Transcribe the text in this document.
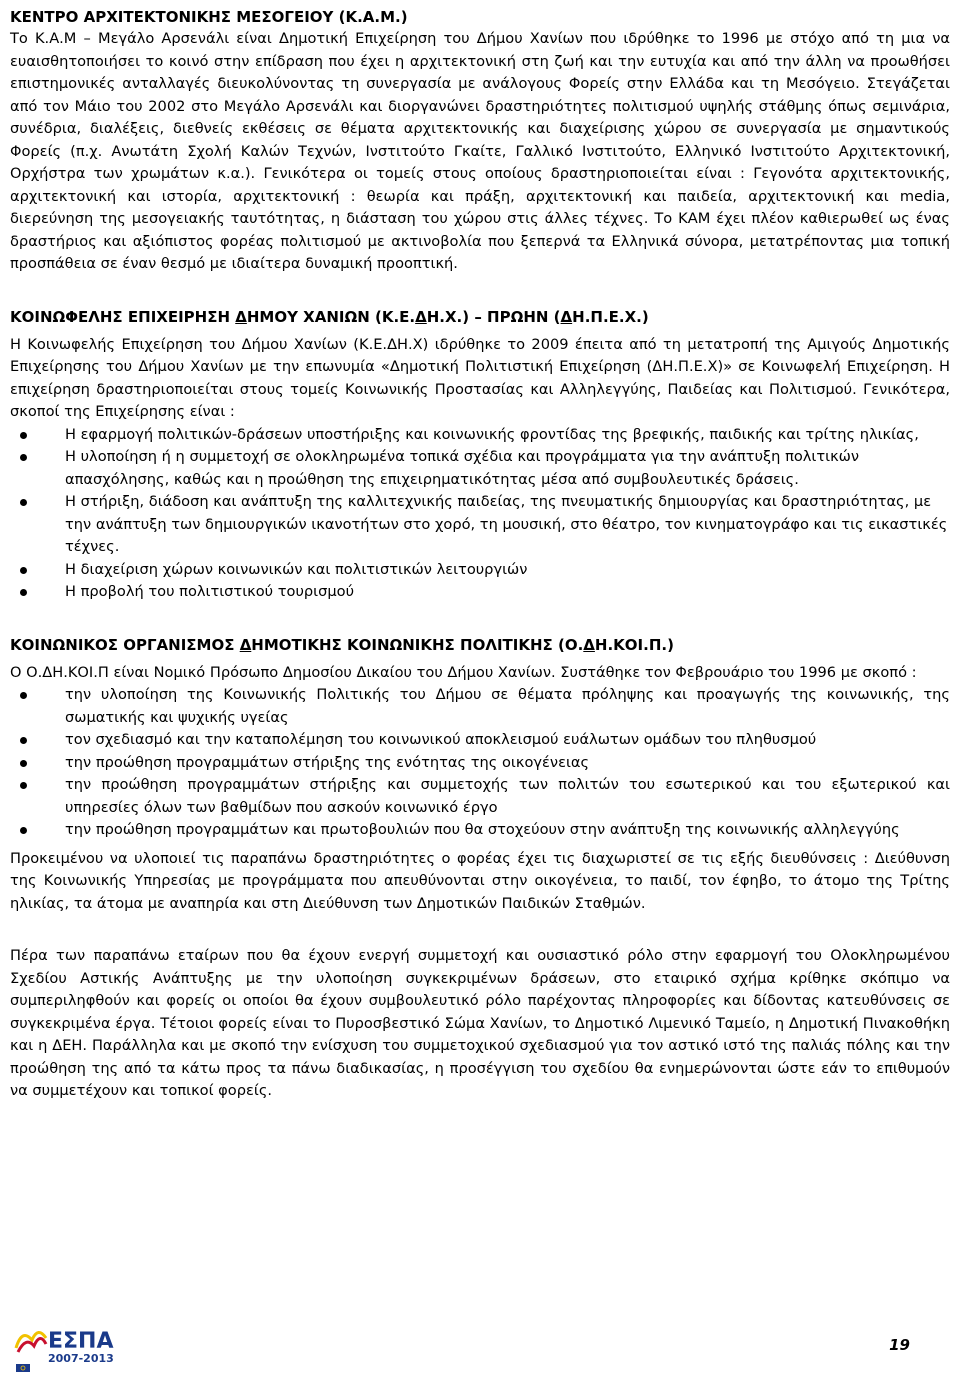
ΚΕΝΤΡΟ ΑΡΧΙΤΕΚΤΟΝΙΚΗΣ ΜΕΣΟΓΕΙΟΥ (Κ.Α.Μ.)

Το Κ.Α.Μ – Μεγάλο Αρσενάλι είναι Δημοτική Επιχείρηση του Δήμου Χανίων που ιδρύθηκε το 1996 με στόχο από τη μια να ευαισθητοποιήσει το κοινό στην επίδραση που έχει η αρχιτεκτονική στη ζωή και την ευτυχία και από την άλλη να προωθήσει επιστημονικές ανταλλαγές διευκολύνοντας τη συνεργασία με ανάλογους Φορείς στην Ελλάδα και τη Μεσόγειο. Στεγάζεται από τον Μάιο του 2002 στο Μεγάλο Αρσενάλι και διοργανώνει δραστηριότητες πολιτισμού υψηλής στάθμης όπως σεμινάρια, συνέδρια, διαλέξεις, διεθνείς εκθέσεις σε θέματα αρχιτεκτονικής και διαχείρισης χώρου σε συνεργασία με σημαντικούς Φορείς (π.χ. Ανωτάτη Σχολή Καλών Τεχνών, Ινστιτούτο Γκαίτε, Γαλλικό Ινστιτούτο, Ελληνικό Ινστιτούτο Αρχιτεκτονική, Ορχήστρα των χρωμάτων κ.α.). Γενικότερα οι τομείς στους οποίους δραστηριοποιείται είναι : Γεγονότα αρχιτεκτονικής, αρχιτεκτονική και ιστορία, αρχιτεκτονική : θεωρία και πράξη, αρχιτεκτονική και παιδεία, αρχιτεκτονική και media, διερεύνηση της μεσογειακής ταυτότητας, η διάσταση του χώρου στις άλλες τέχνες. Το ΚΑΜ έχει πλέον καθιερωθεί ως ένας δραστήριος και αξιόπιστος φορέας πολιτισμού με ακτινοβολία που ξεπερνά τα Ελληνικά σύνορα, μετατρέποντας μια τοπική προσπάθεια σε έναν θεσμό με ιδιαίτερα δυναμική προοπτική.

ΚΟΙΝΩΦΕΛΗΣ ΕΠΙΧΕΙΡΗΣΗ ΔΗΜΟΥ ΧΑΝΙΩΝ (Κ.Ε.ΔΗ.Χ.) – ΠΡΩΗΝ (ΔΗ.Π.Ε.Χ.)

Η Κοινωφελής Επιχείρηση του Δήμου Χανίων (Κ.Ε.ΔΗ.Χ) ιδρύθηκε το 2009 έπειτα από τη μετατροπή της Αμιγούς Δημοτικής Επιχείρησης του Δήμου Χανίων με την επωνυμία «Δημοτική Πολιτιστική Επιχείρηση (ΔΗ.Π.Ε.Χ)» σε Κοινωφελή Επιχείρηση. Η επιχείρηση δραστηριοποιείται στους τομείς Κοινωνικής Προστασίας και Αλληλεγγύης, Παιδείας και Πολιτισμού. Γενικότερα, σκοποί της Επιχείρησης είναι :

Η εφαρμογή πολιτικών-δράσεων υποστήριξης και κοινωνικής φροντίδας της βρεφικής, παιδικής και τρίτης ηλικίας,
Η υλοποίηση ή η συμμετοχή σε ολοκληρωμένα τοπικά σχέδια και προγράμματα για την ανάπτυξη πολιτικών απασχόλησης, καθώς και η προώθηση της επιχειρηματικότητας μέσα από συμβουλευτικές δράσεις.
Η στήριξη, διάδοση και ανάπτυξη της καλλιτεχνικής παιδείας, της πνευματικής δημιουργίας και δραστηριότητας, με την ανάπτυξη των δημιουργικών ικανοτήτων στο χορό, τη μουσική, στο θέατρο, τον κινηματογράφο και τις εικαστικές τέχνες.
Η διαχείριση χώρων κοινωνικών και πολιτιστικών λειτουργιών
Η προβολή του πολιτιστικού τουρισμού
ΚΟΙΝΩΝΙΚΟΣ ΟΡΓΑΝΙΣΜΟΣ ΔΗΜΟΤΙΚΗΣ ΚΟΙΝΩΝΙΚΗΣ ΠΟΛΙΤΙΚΗΣ (Ο.ΔΗ.ΚΟΙ.Π.)

Ο Ο.ΔΗ.ΚΟΙ.Π είναι Νομικό Πρόσωπο Δημοσίου Δικαίου του Δήμου Χανίων. Συστάθηκε τον Φεβρουάριο του 1996 με σκοπό :

την υλοποίηση της Κοινωνικής Πολιτικής του Δήμου σε θέματα πρόληψης και προαγωγής της κοινωνικής, της σωματικής και ψυχικής υγείας
τον σχεδιασμό και την καταπολέμηση του κοινωνικού αποκλεισμού ευάλωτων ομάδων του πληθυσμού
την προώθηση προγραμμάτων στήριξης της ενότητας της οικογένειας
την προώθηση προγραμμάτων στήριξης και συμμετοχής των πολιτών του εσωτερικού και του εξωτερικού και υπηρεσίες όλων των βαθμίδων που ασκούν κοινωνικό έργο
την προώθηση προγραμμάτων και πρωτοβουλιών που θα στοχεύουν στην ανάπτυξη της κοινωνικής αλληλεγγύης

Προκειμένου να υλοποιεί τις παραπάνω δραστηριότητες ο φορέας έχει τις διαχωριστεί σε τις εξής διευθύνσεις : Διεύθυνση της Κοινωνικής Υπηρεσίας με προγράμματα που απευθύνονται στην οικογένεια, το παιδί, τον έφηβο, το άτομο της Τρίτης ηλικίας, τα άτομα με αναπηρία και στη Διεύθυνση των Δημοτικών Παιδικών Σταθμών.

Πέρα των παραπάνω εταίρων που θα έχουν ενεργή συμμετοχή και ουσιαστικό ρόλο στην εφαρμογή του Ολοκληρωμένου Σχεδίου Αστικής Ανάπτυξης με την υλοποίηση συγκεκριμένων δράσεων, στο εταιρικό σχήμα κρίθηκε σκόπιμο να συμπεριληφθούν και φορείς οι οποίοι θα έχουν συμβουλευτικό ρόλο παρέχοντας πληροφορίες και δίδοντας κατευθύνσεις σε συγκεκριμένα έργα. Τέτοιοι φορείς είναι το Πυροσβεστικό Σώμα Χανίων, το Δημοτικό Λιμενικό Ταμείο, η Δημοτική Πινακοθήκη και η ΔΕΗ. Παράλληλα και με σκοπό την ενίσχυση του συμμετοχικού σχεδιασμού για τον αστικό ιστό της παλιάς πόλης και την προώθηση της από τα κάτω προς τα πάνω διαδικασίας, η προσέγγιση του σχεδίου θα ενημερώνονται ώστε εάν το επιθυμούν να συμμετέχουν και τοπικοί φορείς.

ΕΣΠΑ
2007-2013
19
